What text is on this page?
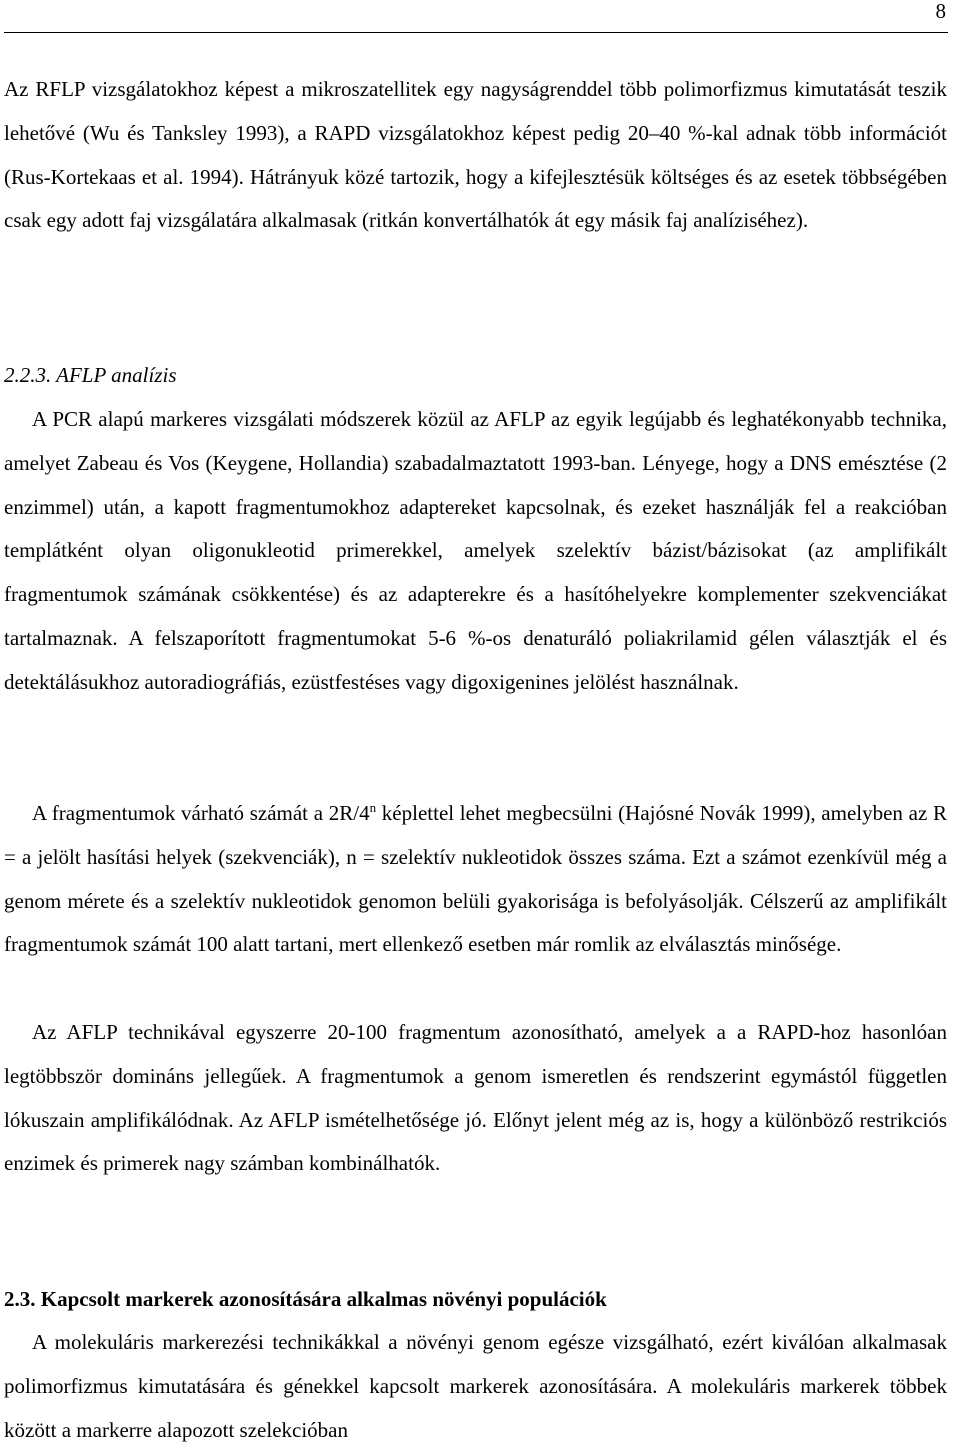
8

Az RFLP vizsgálatokhoz képest a mikroszatellitek egy nagyságrenddel több polimorfizmus kimutatását teszik lehetővé (Wu és Tanksley 1993), a RAPD vizsgálatokhoz képest pedig 20–40 %-kal adnak több információt (Rus-Kortekaas et al. 1994). Hátrányuk közé tartozik, hogy a kifejlesztésük költséges és az esetek többségében csak egy adott faj vizsgálatára alkalmasak (ritkán konvertálhatók át egy másik faj analíziséhez).

2.2.3. AFLP analízis

A PCR alapú markeres vizsgálati módszerek közül az AFLP az egyik legújabb és leghatékonyabb technika, amelyet Zabeau és Vos (Keygene, Hollandia) szabadalmaztatott 1993-ban. Lényege, hogy a DNS emésztése (2 enzimmel) után, a kapott fragmentumokhoz adaptereket kapcsolnak, és ezeket használják fel a reakcióban templátként olyan oligonukleotid primerekkel, amelyek szelektív bázist/bázisokat (az amplifikált fragmentumok számának csökkentése) és az adapterekre és a hasítóhelyekre komplementer szekvenciákat tartalmaznak. A felszaporított fragmentumokat 5-6 %-os denaturáló poliakrilamid gélen választják el és detektálásukhoz autoradiográfiás, ezüstfestéses vagy digoxigenines jelölést használnak.

A fragmentumok várható számát a 2R/4$^n$ képlettel lehet megbecsülni (Hajósné Novák 1999), amelyben az R = a jelölt hasítási helyek (szekvenciák), n = szelektív nukleotidok összes száma. Ezt a számot ezenkívül még a genom mérete és a szelektív nukleotidok genomon belüli gyakorisága is befolyásolják. Célszerű az amplifikált fragmentumok számát 100 alatt tartani, mert ellenkező esetben már romlik az elválasztás minősége.

Az AFLP technikával egyszerre 20-100 fragmentum azonosítható, amelyek a a RAPD-hoz hasonlóan legtöbbször domináns jellegűek. A fragmentumok a genom ismeretlen és rendszerint egymástól független lókuszain amplifikálódnak. Az AFLP ismételhetősége jó. Előnyt jelent még az is, hogy a különböző restrikciós enzimek és primerek nagy számban kombinálhatók.

2.3. Kapcsolt markerek azonosítására alkalmas növényi populációk

A molekuláris markerezési technikákkal a növényi genom egésze vizsgálható, ezért kiválóan alkalmasak polimorfizmus kimutatására és génekkel kapcsolt markerek azonosítására. A molekuláris markerek többek között a markerre alapozott szelekcióban
